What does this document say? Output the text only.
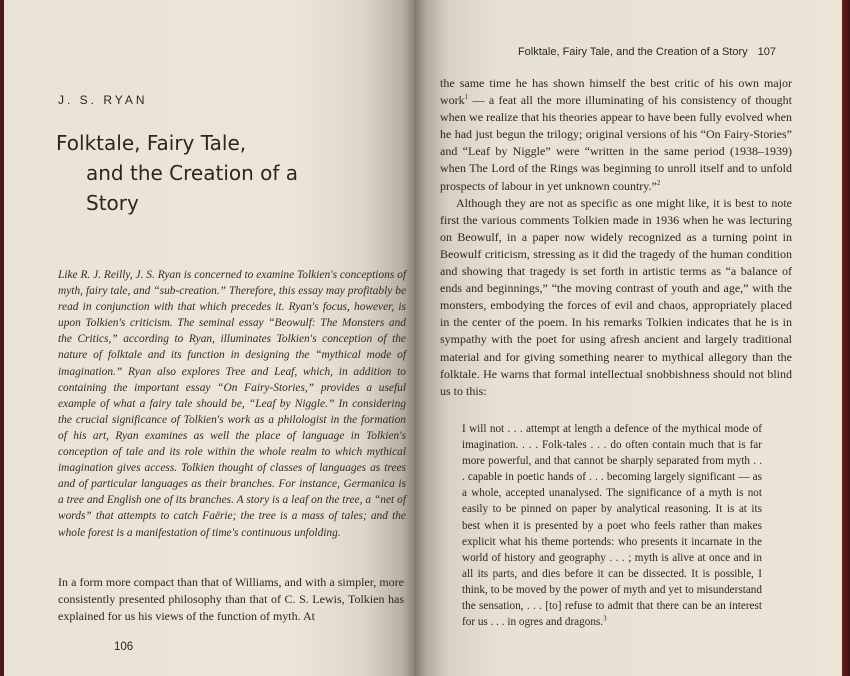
J. S. RYAN
Folktale, Fairy Tale,
and the Creation of a Story
Like R. J. Reilly, J. S. Ryan is concerned to examine Tolkien's conceptions of myth, fairy tale, and “sub-creation.” Therefore, this essay may profitably be read in conjunction with that which precedes it. Ryan's focus, however, is upon Tolkien's criticism. The seminal essay “Beowulf: The Monsters and the Critics,” according to Ryan, illuminates Tolkien's conception of the nature of folktale and its function in designing the “mythical mode of imagination.” Ryan also explores Tree and Leaf, which, in addition to containing the important essay “On Fairy-Stories,” provides a useful example of what a fairy tale should be, “Leaf by Niggle.” In considering the crucial significance of Tolkien's work as a philologist in the formation of his art, Ryan examines as well the place of language in Tolkien's conception of tale and its role within the whole realm to which mythical imagination gives access. Tolkien thought of classes of languages as trees and of particular languages as their branches. For instance, Germanica is a tree and English one of its branches. A story is a leaf on the tree, a “net of words” that attempts to catch Faërie; the tree is a mass of tales; and the whole forest is a manifestation of time's continuous unfolding.
In a form more compact than that of Williams, and with a simpler, more consistently presented philosophy than that of C. S. Lewis, Tolkien has explained for us his views of the function of myth. At
106
Folktale, Fairy Tale, and the Creation of a Story 107

the same time he has shown himself the best critic of his own major work$^1$ — a feat all the more illuminating of his consistency of thought when we realize that his theories appear to have been fully evolved when he had just begun the trilogy; original versions of his “On Fairy-Stories” and “Leaf by Niggle” were “written in the same period (1938–1939) when The Lord of the Rings was beginning to unroll itself and to unfold prospects of labour in yet unknown country.”$^2$

Although they are not as specific as one might like, it is best to note first the various comments Tolkien made in 1936 when he was lecturing on Beowulf, in a paper now widely recognized as a turning point in Beowulf criticism, stressing as it did the tragedy of the human condition and showing that tragedy is set forth in artistic terms as “a balance of ends and beginnings,” “the moving contrast of youth and age,” with the monsters, embodying the forces of evil and chaos, appropriately placed in the center of the poem. In his remarks Tolkien indicates that he is in sympathy with the poet for using afresh ancient and largely traditional material and for giving something nearer to mythical allegory than the folktale. He warns that formal intellectual snobbishness should not blind us to this:

I will not . . . attempt at length a defence of the mythical mode of imagination. . . . Folk-tales . . . do often contain much that is far more powerful, and that cannot be sharply separated from myth . . . capable in poetic hands of . . . becoming largely significant — as a whole, accepted unanalysed. The significance of a myth is not easily to be pinned on paper by analytical reasoning. It is at its best when it is presented by a poet who feels rather than makes explicit what his theme portends: who presents it incarnate in the world of history and geography . . . ; myth is alive at once and in all its parts, and dies before it can be dissected. It is possible, I think, to be moved by the power of myth and yet to misunderstand the sensation, . . . [to] refuse to admit that there can be an interest for us . . . in ogres and dragons.$^3$
